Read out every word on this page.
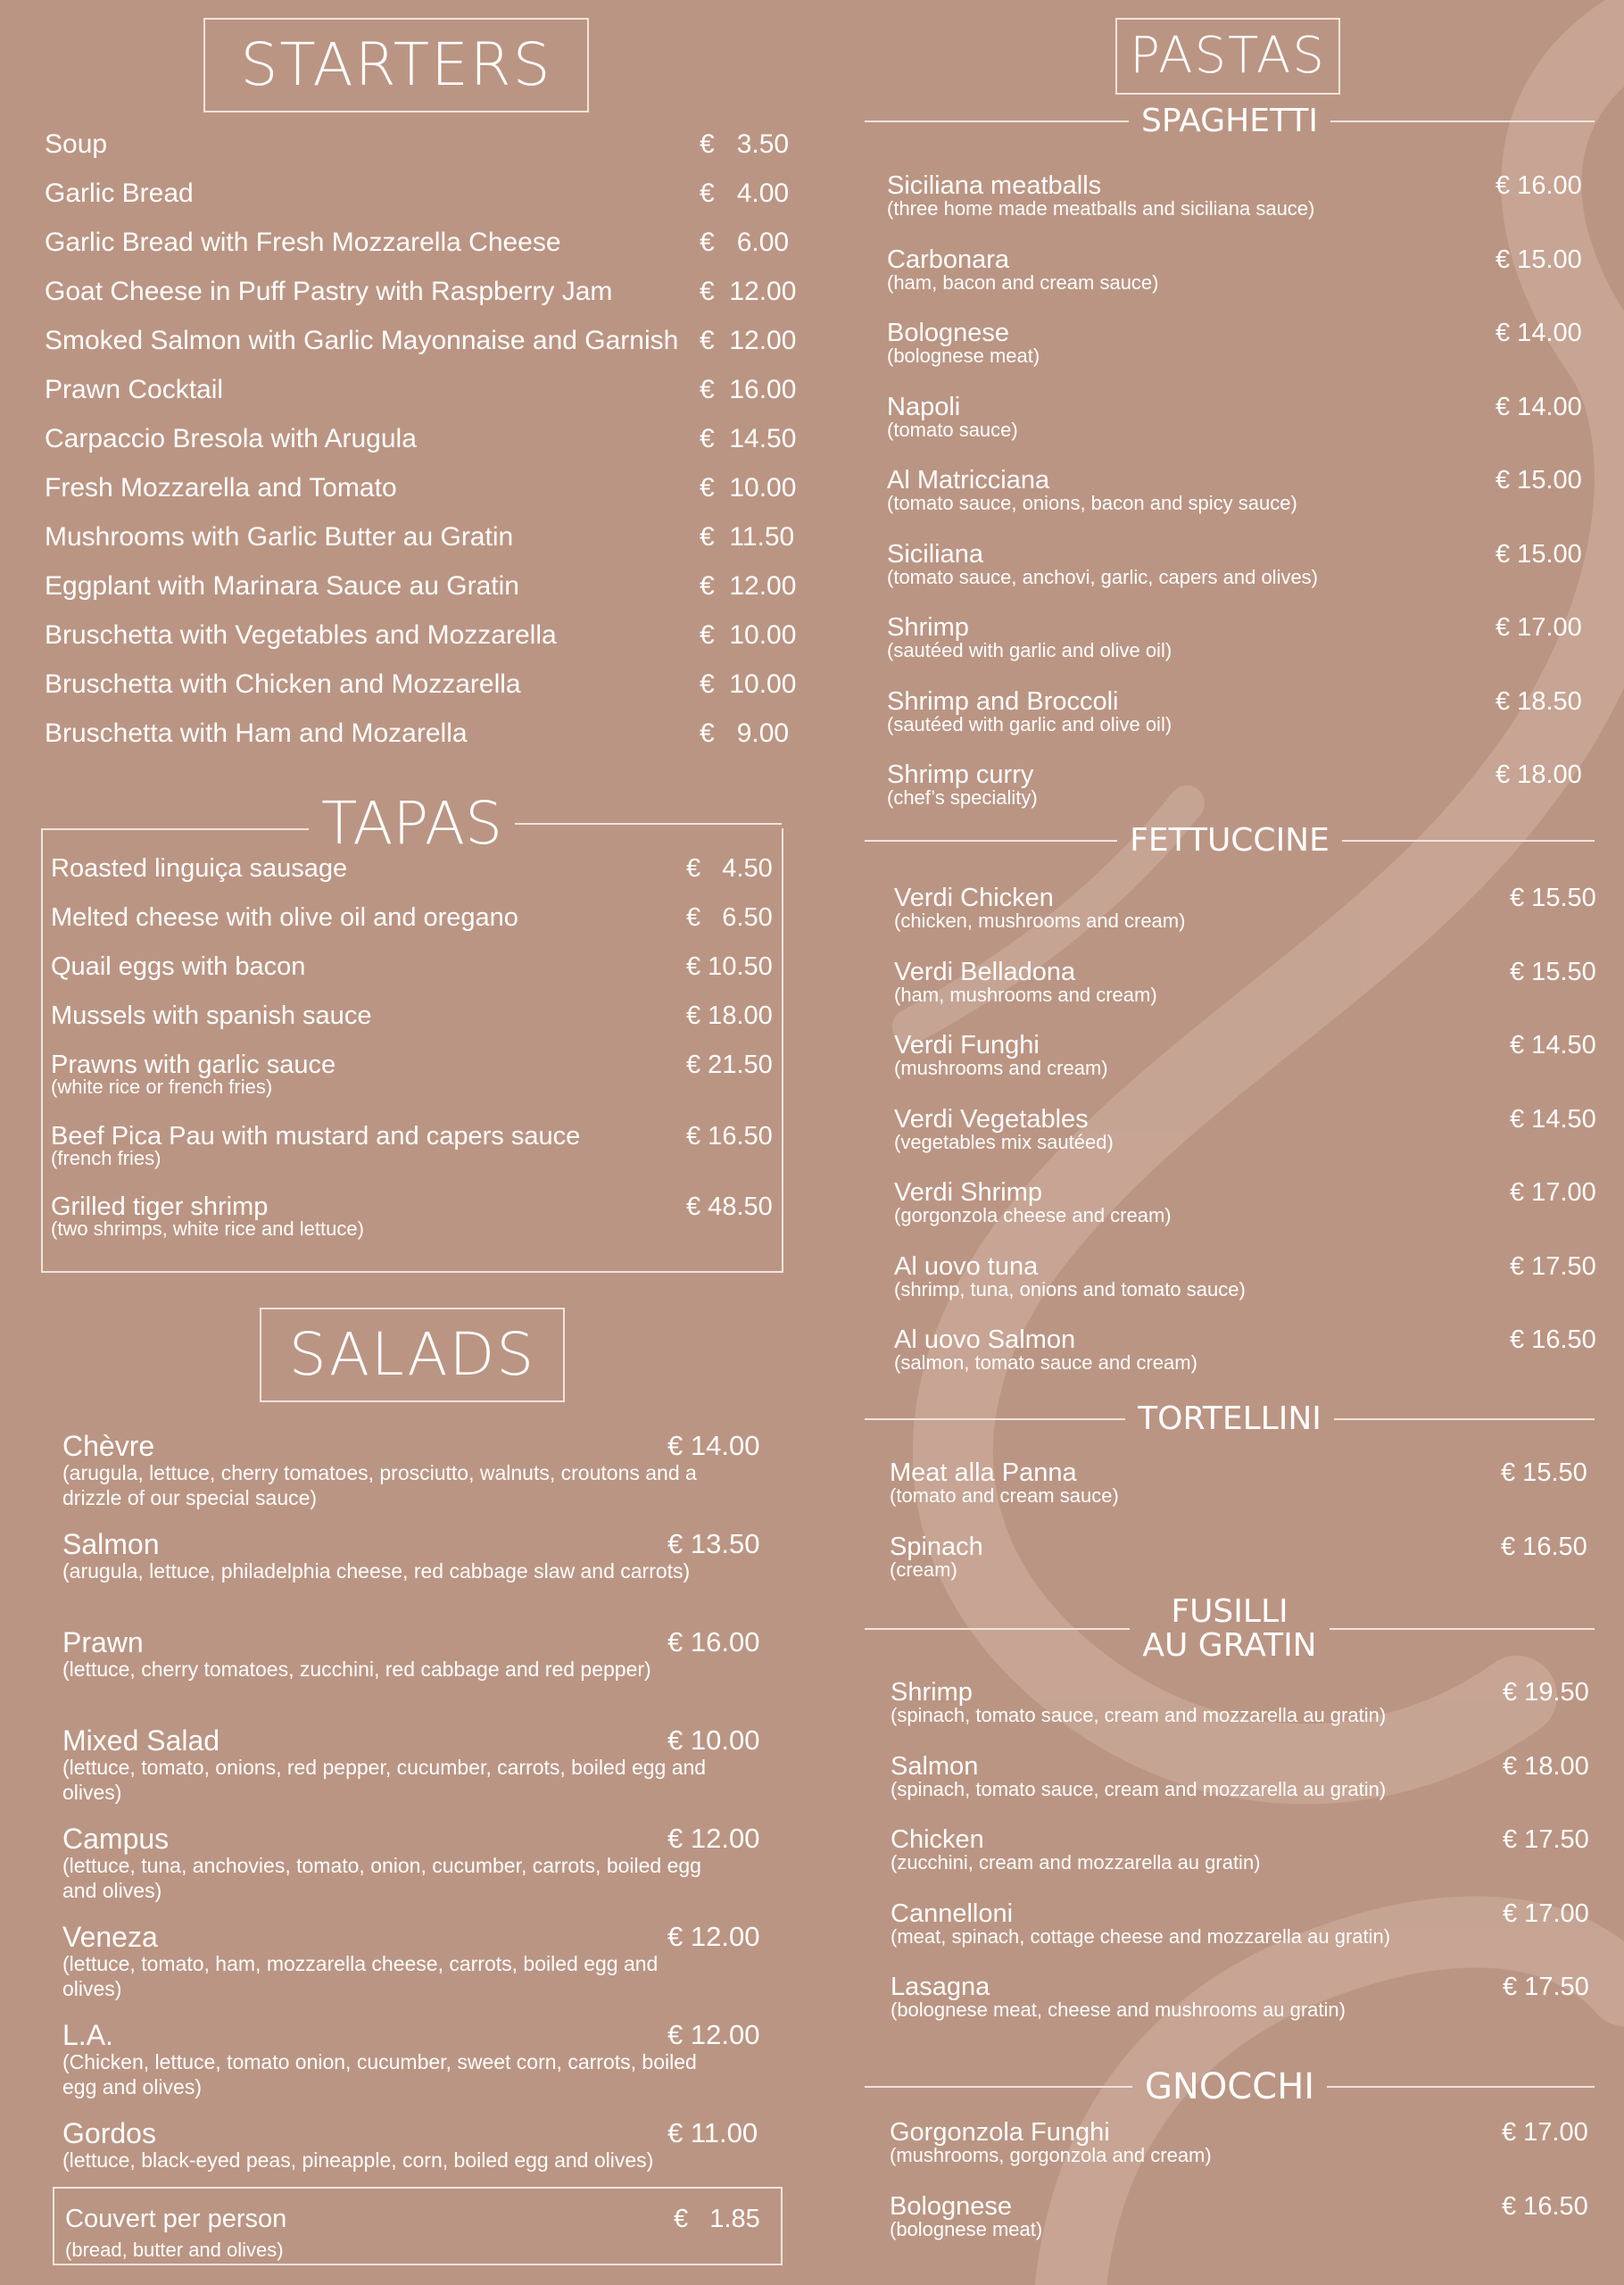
STARTERS
Soup	€   3.50
Garlic Bread	€   4.00
Garlic Bread with Fresh Mozzarella Cheese	€   6.00
Goat Cheese in Puff Pastry with Raspberry Jam	€  12.00
Smoked Salmon with Garlic Mayonnaise and Garnish €  12.00
Prawn Cocktail	€  16.00
Carpaccio Bresola with Arugula	€  14.50
Fresh Mozzarella and Tomato	€  10.00
Mushrooms with Garlic Butter au Gratin	€  11.50
Eggplant with Marinara Sauce au Gratin	€  12.00
Bruschetta with Vegetables and Mozzarella	€  10.00
Bruschetta with Chicken and Mozzarella	€  10.00
Bruschetta with Ham and Mozarella	€   9.00
TAPAS
Roasted linguiça sausage	€   4.50
Melted cheese with olive oil and oregano	€   6.50
Quail eggs with bacon	€ 10.50
Mussels with spanish sauce	€ 18.00
Prawns with garlic sauce
(white rice or french fries)
€ 21.50
Beef Pica Pau with mustard and capers sauce
(french fries)
€ 16.50
Grilled tiger shrimp
(two shrimps, white rice and lettuce)
€ 48.50
SALADS
Chèvre
(arugula, lettuce, cherry tomatoes, prosciutto, walnuts, croutons and a drizzle of our special sauce)
€ 14.00
Salmon
(arugula, lettuce, philadelphia cheese, red cabbage slaw and carrots)
€ 13.50
Prawn
(lettuce, cherry tomatoes, zucchini, red cabbage and red pepper)
€ 16.00
Mixed Salad
(lettuce, tomato, onions, red pepper, cucumber, carrots, boiled egg and olives)
€ 10.00
Campus
(lettuce, tuna, anchovies, tomato, onion, cucumber, carrots, boiled egg and olives)
€ 12.00
Veneza
(lettuce, tomato, ham, mozzarella cheese, carrots, boiled egg and olives)
€ 12.00
L.A.
(Chicken, lettuce, tomato onion, cucumber, sweet corn, carrots, boiled egg and olives)
€ 12.00
Gordos
(lettuce, black-eyed peas, pineapple, corn, boiled egg and olives)
€ 11.00
Couvert per person
(bread, butter and olives)
€   1.85
PASTAS
SPAGHETTI
Siciliana meatballs
(three home made meatballs and siciliana sauce)
€ 16.00
Carbonara
(ham, bacon and cream sauce)
€ 15.00
Bolognese
(bolognese meat)
€ 14.00
Napoli
(tomato sauce)
€ 14.00
Al Matricciana
(tomato sauce, onions, bacon and spicy sauce)
€ 15.00
Siciliana
(tomato sauce, anchovi, garlic, capers and olives)
€ 15.00
Shrimp
(sautéed with garlic and olive oil)
€ 17.00
Shrimp and Broccoli
(sautéed with garlic and olive oil)
€ 18.50
Shrimp curry
(chef’s speciality)
€ 18.00
FETTUCCINE
Verdi Chicken
(chicken, mushrooms and cream)
€ 15.50
Verdi Belladona
(ham, mushrooms and cream)
€ 15.50
Verdi Funghi
(mushrooms and cream)
€ 14.50
Verdi Vegetables
(vegetables mix sautéed)
€ 14.50
Verdi Shrimp
(gorgonzola cheese and cream)
€ 17.00
Al uovo tuna
(shrimp, tuna, onions and tomato sauce)
€ 17.50
Al uovo Salmon
(salmon, tomato sauce and cream)
€ 16.50
TORTELLINI
Meat alla Panna
(tomato and cream sauce)
€ 15.50
Spinach
(cream)
€ 16.50
FUSILLI
AU GRATIN
Shrimp
(spinach, tomato sauce, cream and mozzarella au gratin)
€ 19.50
Salmon
(spinach, tomato sauce, cream and mozzarella au gratin)
€ 18.00
Chicken
(zucchini, cream and mozzarella au gratin)
€ 17.50
Cannelloni
(meat, spinach, cottage cheese and mozzarella au gratin)
€ 17.00
Lasagna
(bolognese meat, cheese and mushrooms au gratin)
€ 17.50
GNOCCHI
Gorgonzola Funghi
(mushrooms, gorgonzola and cream)
€ 17.00
Bolognese
(bolognese meat)
€ 16.50
